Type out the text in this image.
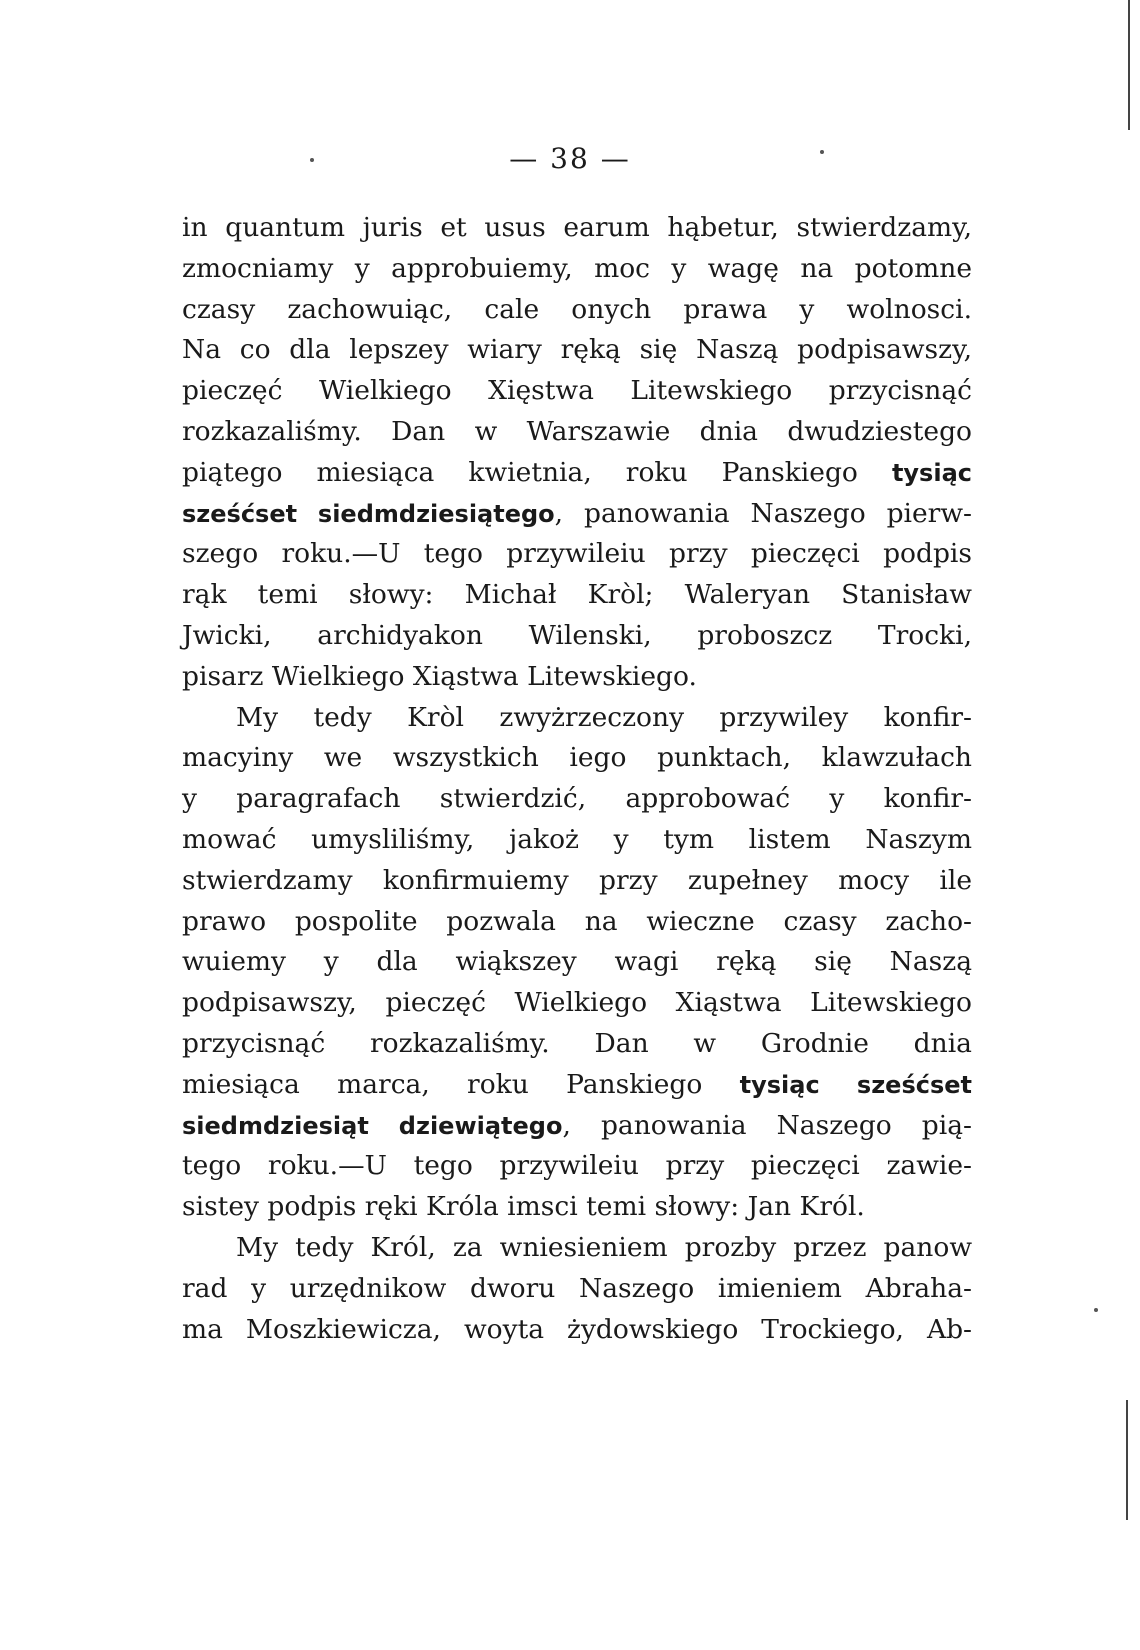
— 38 —
in quantum juris et usus earum hąbetur, stwierdzamy,
zmocniamy y approbuiemy, moc y wagę na potomne
czasy zachowuiąc, cale onych prawa y wolnosci.
Na co dla lepszey wiary ręką się Naszą podpisawszy,
pieczęć Wielkiego Xięstwa Litewskiego przycisnąć
rozkazaliśmy. Dan w Warszawie dnia dwudziestego
piątego miesiąca kwietnia, roku Panskiego tysiąc
sześćset siedmdziesiątego, panowania Naszego pierw-
szego roku.—U tego przywileiu przy pieczęci podpis
rąk temi słowy: Michał Kròl; Waleryan Stanisław
Jwicki, archidyakon Wilenski, proboszcz Trocki,
pisarz Wielkiego Xiąstwa Litewskiego.
My tedy Kròl zwyżrzeczony przywiley konfir-
macyiny we wszystkich iego punktach, klawzułach
y paragrafach stwierdzić, approbować y konfir-
mować umysliliśmy, jakoż y tym listem Naszym
stwierdzamy konfirmuiemy przy zupełney mocy ile
prawo pospolite pozwala na wieczne czasy zacho-
wuiemy y dla wiąkszey wagi ręką się Naszą
podpisawszy, pieczęć Wielkiego Xiąstwa Litewskiego
przycisnąć rozkazaliśmy. Dan w Grodnie dnia
miesiąca marca, roku Panskiego tysiąc sześćset
siedmdziesiąt dziewiątego, panowania Naszego pią-
tego roku.—U tego przywileiu przy pieczęci zawie-
sistey podpis ręki Króla imsci temi słowy: Jan Król.
My tedy Król, za wniesieniem prozby przez panow
rad y urzędnikow dworu Naszego imieniem Abraha-
ma Moszkiewicza, woyta żydowskiego Trockiego, Ab-
